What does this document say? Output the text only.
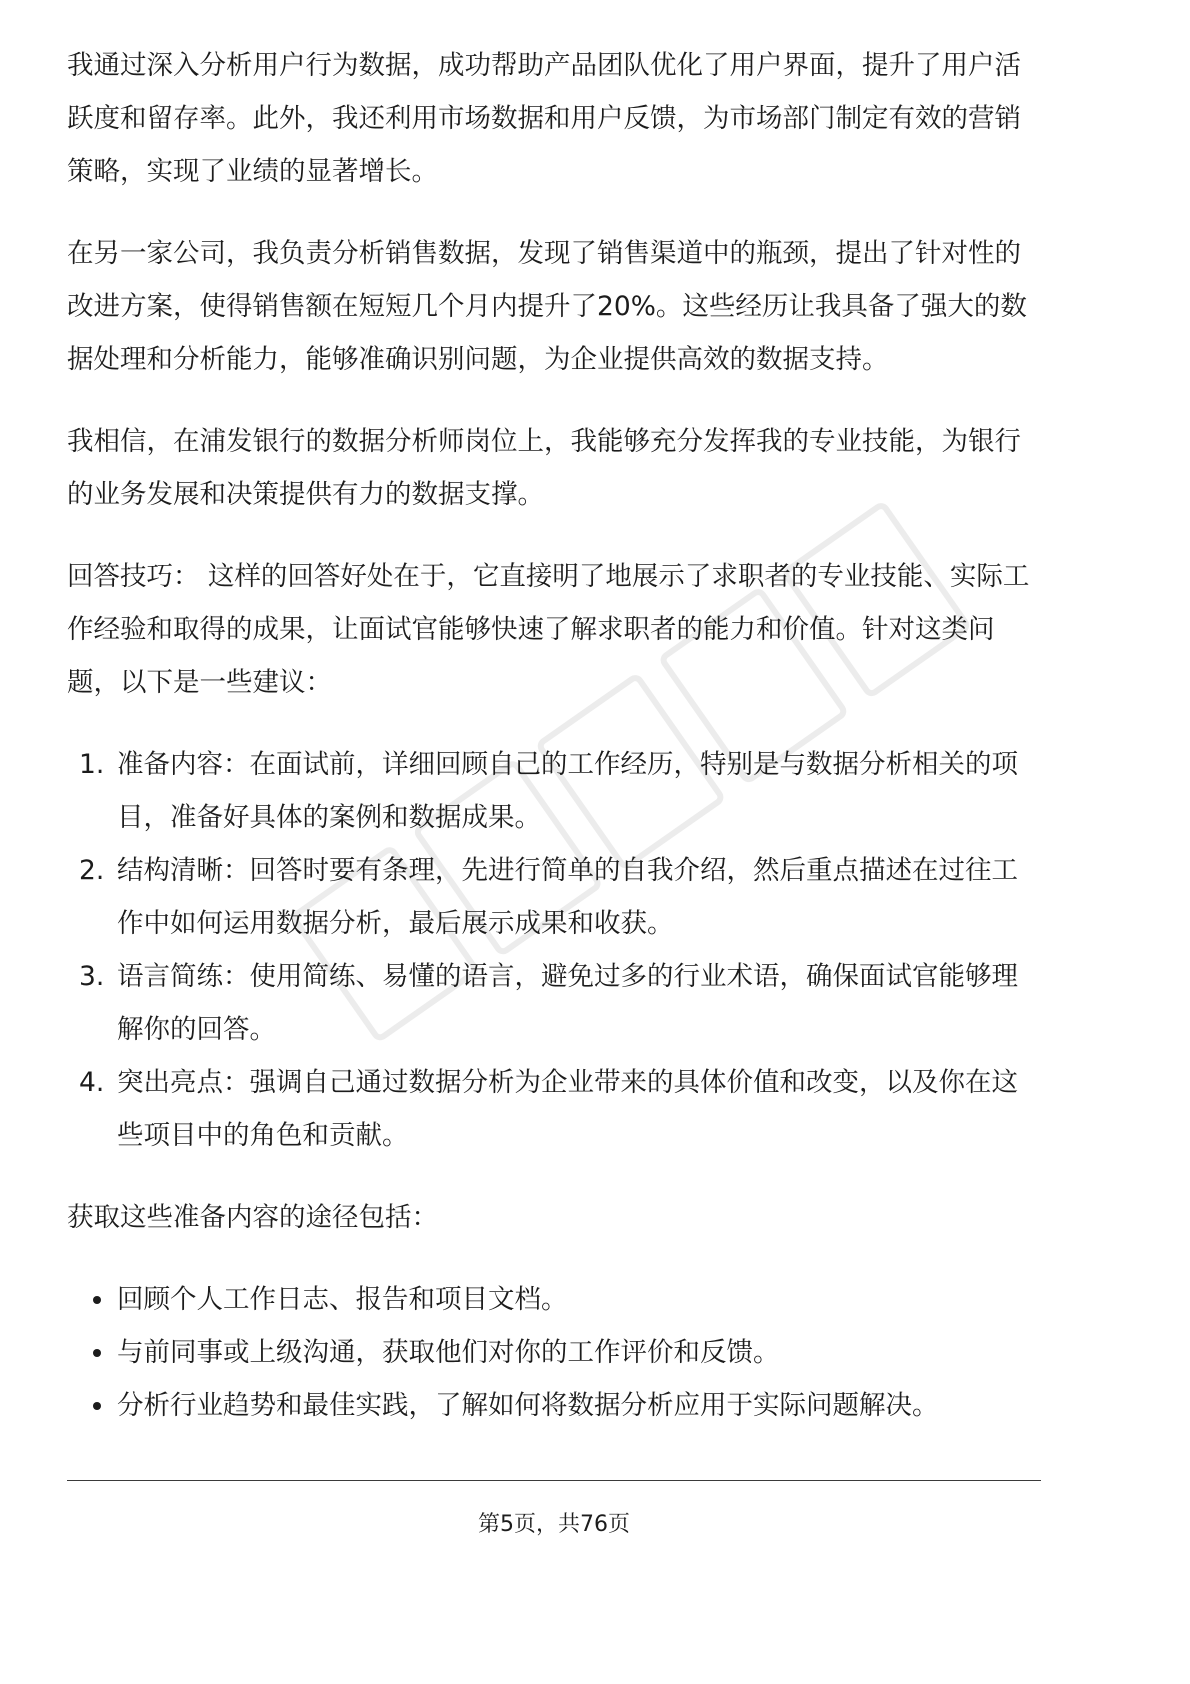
我通过深入分析用户行为数据，成功帮助产品团队优化了用户界面，提升了用户活
跃度和留存率。此外，我还利用市场数据和用户反馈，为市场部门制定有效的营销
策略，实现了业绩的显著增长。
在另一家公司，我负责分析销售数据，发现了销售渠道中的瓶颈，提出了针对性的
改进方案，使得销售额在短短几个月内提升了20%。这些经历让我具备了强大的数
据处理和分析能力，能够准确识别问题，为企业提供高效的数据支持。
我相信，在浦发银行的数据分析师岗位上，我能够充分发挥我的专业技能，为银行
的业务发展和决策提供有力的数据支撑。
回答技巧： 这样的回答好处在于，它直接明了地展示了求职者的专业技能、实际工
作经验和取得的成果，让面试官能够快速了解求职者的能力和价值。针对这类问
题，以下是一些建议：
1. 准备内容：在面试前，详细回顾自己的工作经历，特别是与数据分析相关的项
目，准备好具体的案例和数据成果。
2. 结构清晰：回答时要有条理，先进行简单的自我介绍，然后重点描述在过往工
作中如何运用数据分析，最后展示成果和收获。
3. 语言简练：使用简练、易懂的语言，避免过多的行业术语，确保面试官能够理
解你的回答。
4. 突出亮点：强调自己通过数据分析为企业带来的具体价值和改变，以及你在这
些项目中的角色和贡献。
获取这些准备内容的途径包括：
回顾个人工作日志、报告和项目文档。
与前同事或上级沟通，获取他们对你的工作评价和反馈。
分析行业趋势和最佳实践，了解如何将数据分析应用于实际问题解决。
第5页，共76页
